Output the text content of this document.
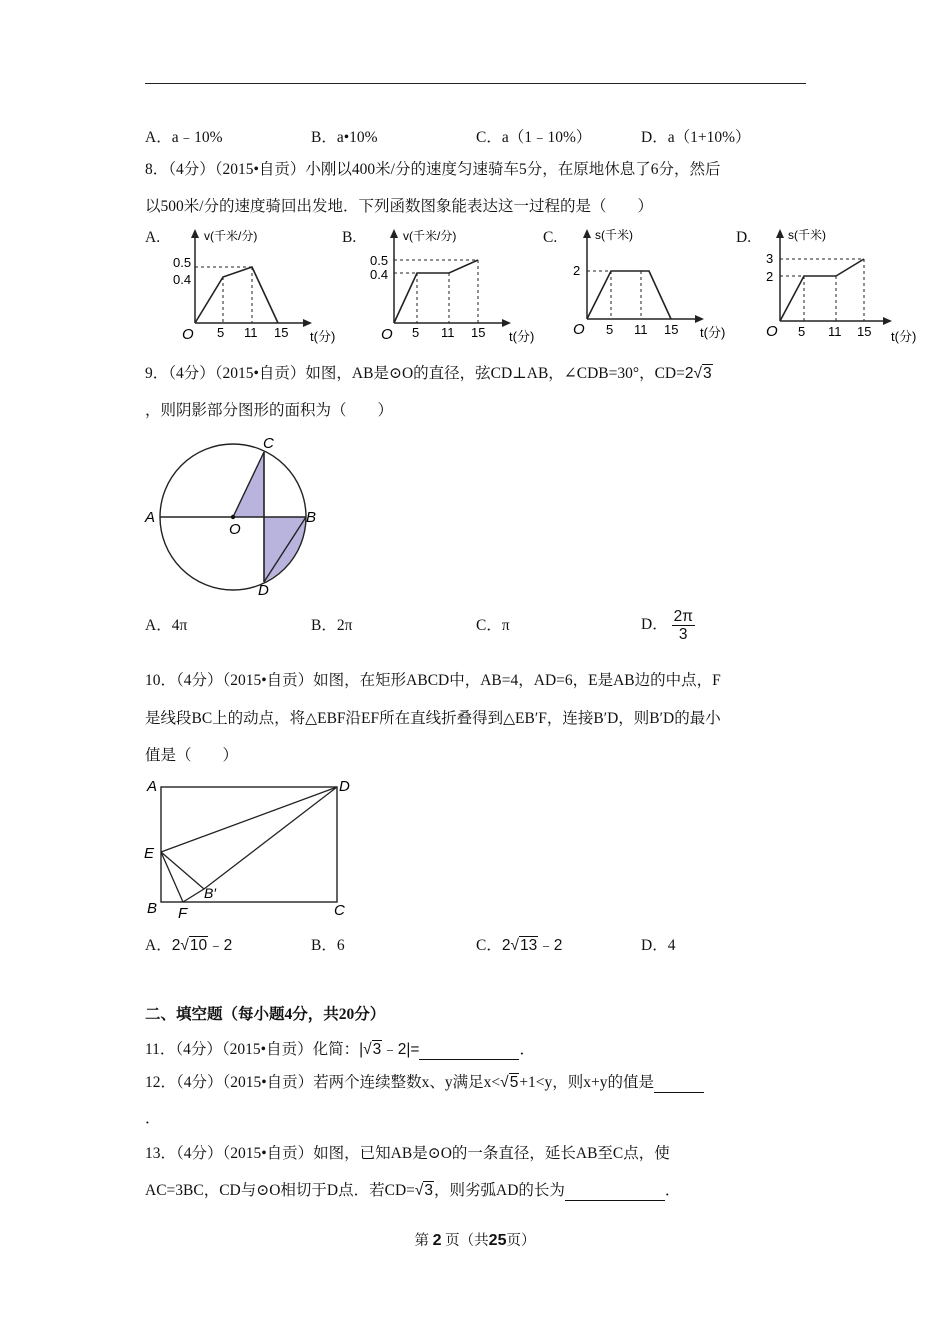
A．a﹣10%	B．a•10%	C．a（1﹣10%）	D．a（1+10%）
8．（4分）（2015•自贡）小刚以400米/分的速度匀速骑车5分，在原地休息了6分，然后
以500米/分的速度骑回出发地．下列函数图象能表达这一过程的是（　　）
A.	v(千米/分)
0.5
0.4
O 5 11 15 t(分)
B.	v(千米/分)
0.5
0.4
O 5 11 15 t(分)
C.	s(千米)
2
O 5 11 15 t(分)
D.	s(千米)
3
2
O 5 11 15 t(分)
9．（4分）（2015•自贡）如图，AB是⊙O的直径，弦CD⊥AB，∠CDB=30°，CD=2√3
，则阴影部分图形的面积为（　　）
A	B
C
D
O
A．4π	B．2π	C．π	D． $\frac{2\pi}{3}$
10．（4分）（2015•自贡）如图，在矩形ABCD中，AB=4，AD=6，E是AB边的中点，F
是线段BC上的动点，将△EBF沿EF所在直线折叠得到△EB′F，连接B′D，则B′D的最小
值是（　　）
A	D
E
B F	C
B′
A．2√10﹣2	B．6	C．2√13﹣2	D．4
二、填空题（每小题4分，共20分）
11．（4分）（2015•自贡）化简：|√3﹣2|=	．
12．（4分）（2015•自贡）若两个连续整数x、y满足x<√5+1<y，则x+y的值是
．
13．（4分）（2015•自贡）如图，已知AB是⊙O的一条直径，延长AB至C点，使
AC=3BC，CD与⊙O相切于D点．若CD=√3，则劣弧AD的长为	．
第 2 页（共25页）
